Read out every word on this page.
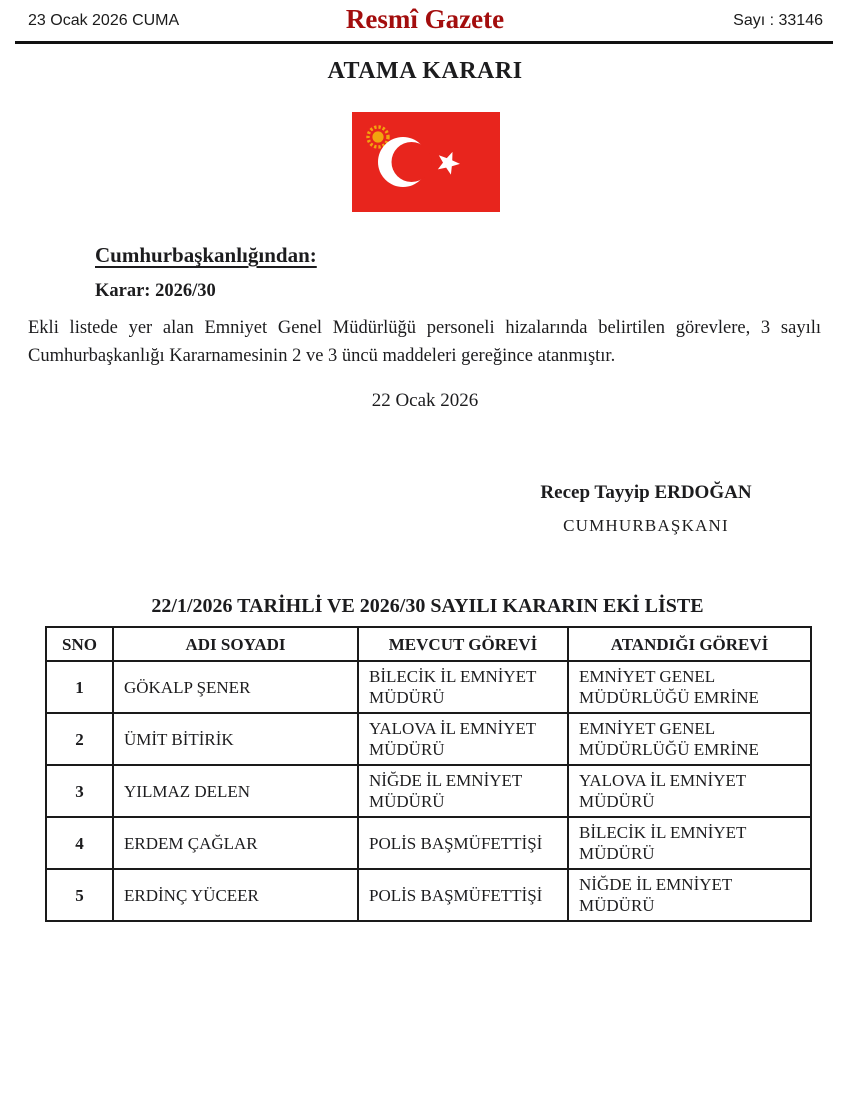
23 Ocak 2026 CUMA	Resmî Gazete	Sayı : 33146
ATAMA KARARI
Cumhurbaşkanlığından:
Karar: 2026/30
Ekli listede yer alan Emniyet Genel Müdürlüğü personeli hizalarında belirtilen görevlere, 3 sayılı Cumhurbaşkanlığı Kararnamesinin 2 ve 3 üncü maddeleri gereğince atanmıştır.
22 Ocak 2026
Recep Tayyip ERDOĞAN
CUMHURBAŞKANI
22/1/2026 TARİHLİ VE 2026/30 SAYILI KARARIN EKİ LİSTE
SNO	ADI SOYADI	MEVCUT GÖREVİ	ATANDIĞI GÖREVİ
1	GÖKALP ŞENER	BİLECİK İL EMNİYET MÜDÜRÜ	EMNİYET GENEL MÜDÜRLÜĞÜ EMRİNE
2	ÜMİT BİTİRİK	YALOVA İL EMNİYET MÜDÜRÜ	EMNİYET GENEL MÜDÜRLÜĞÜ EMRİNE
3	YILMAZ DELEN	NİĞDE İL EMNİYET MÜDÜRÜ	YALOVA İL EMNİYET MÜDÜRÜ
4	ERDEM ÇAĞLAR	POLİS BAŞMÜFETTİŞİ	BİLECİK İL EMNİYET MÜDÜRÜ
5	ERDİNÇ YÜCEER	POLİS BAŞMÜFETTİŞİ	NİĞDE İL EMNİYET MÜDÜRÜ
